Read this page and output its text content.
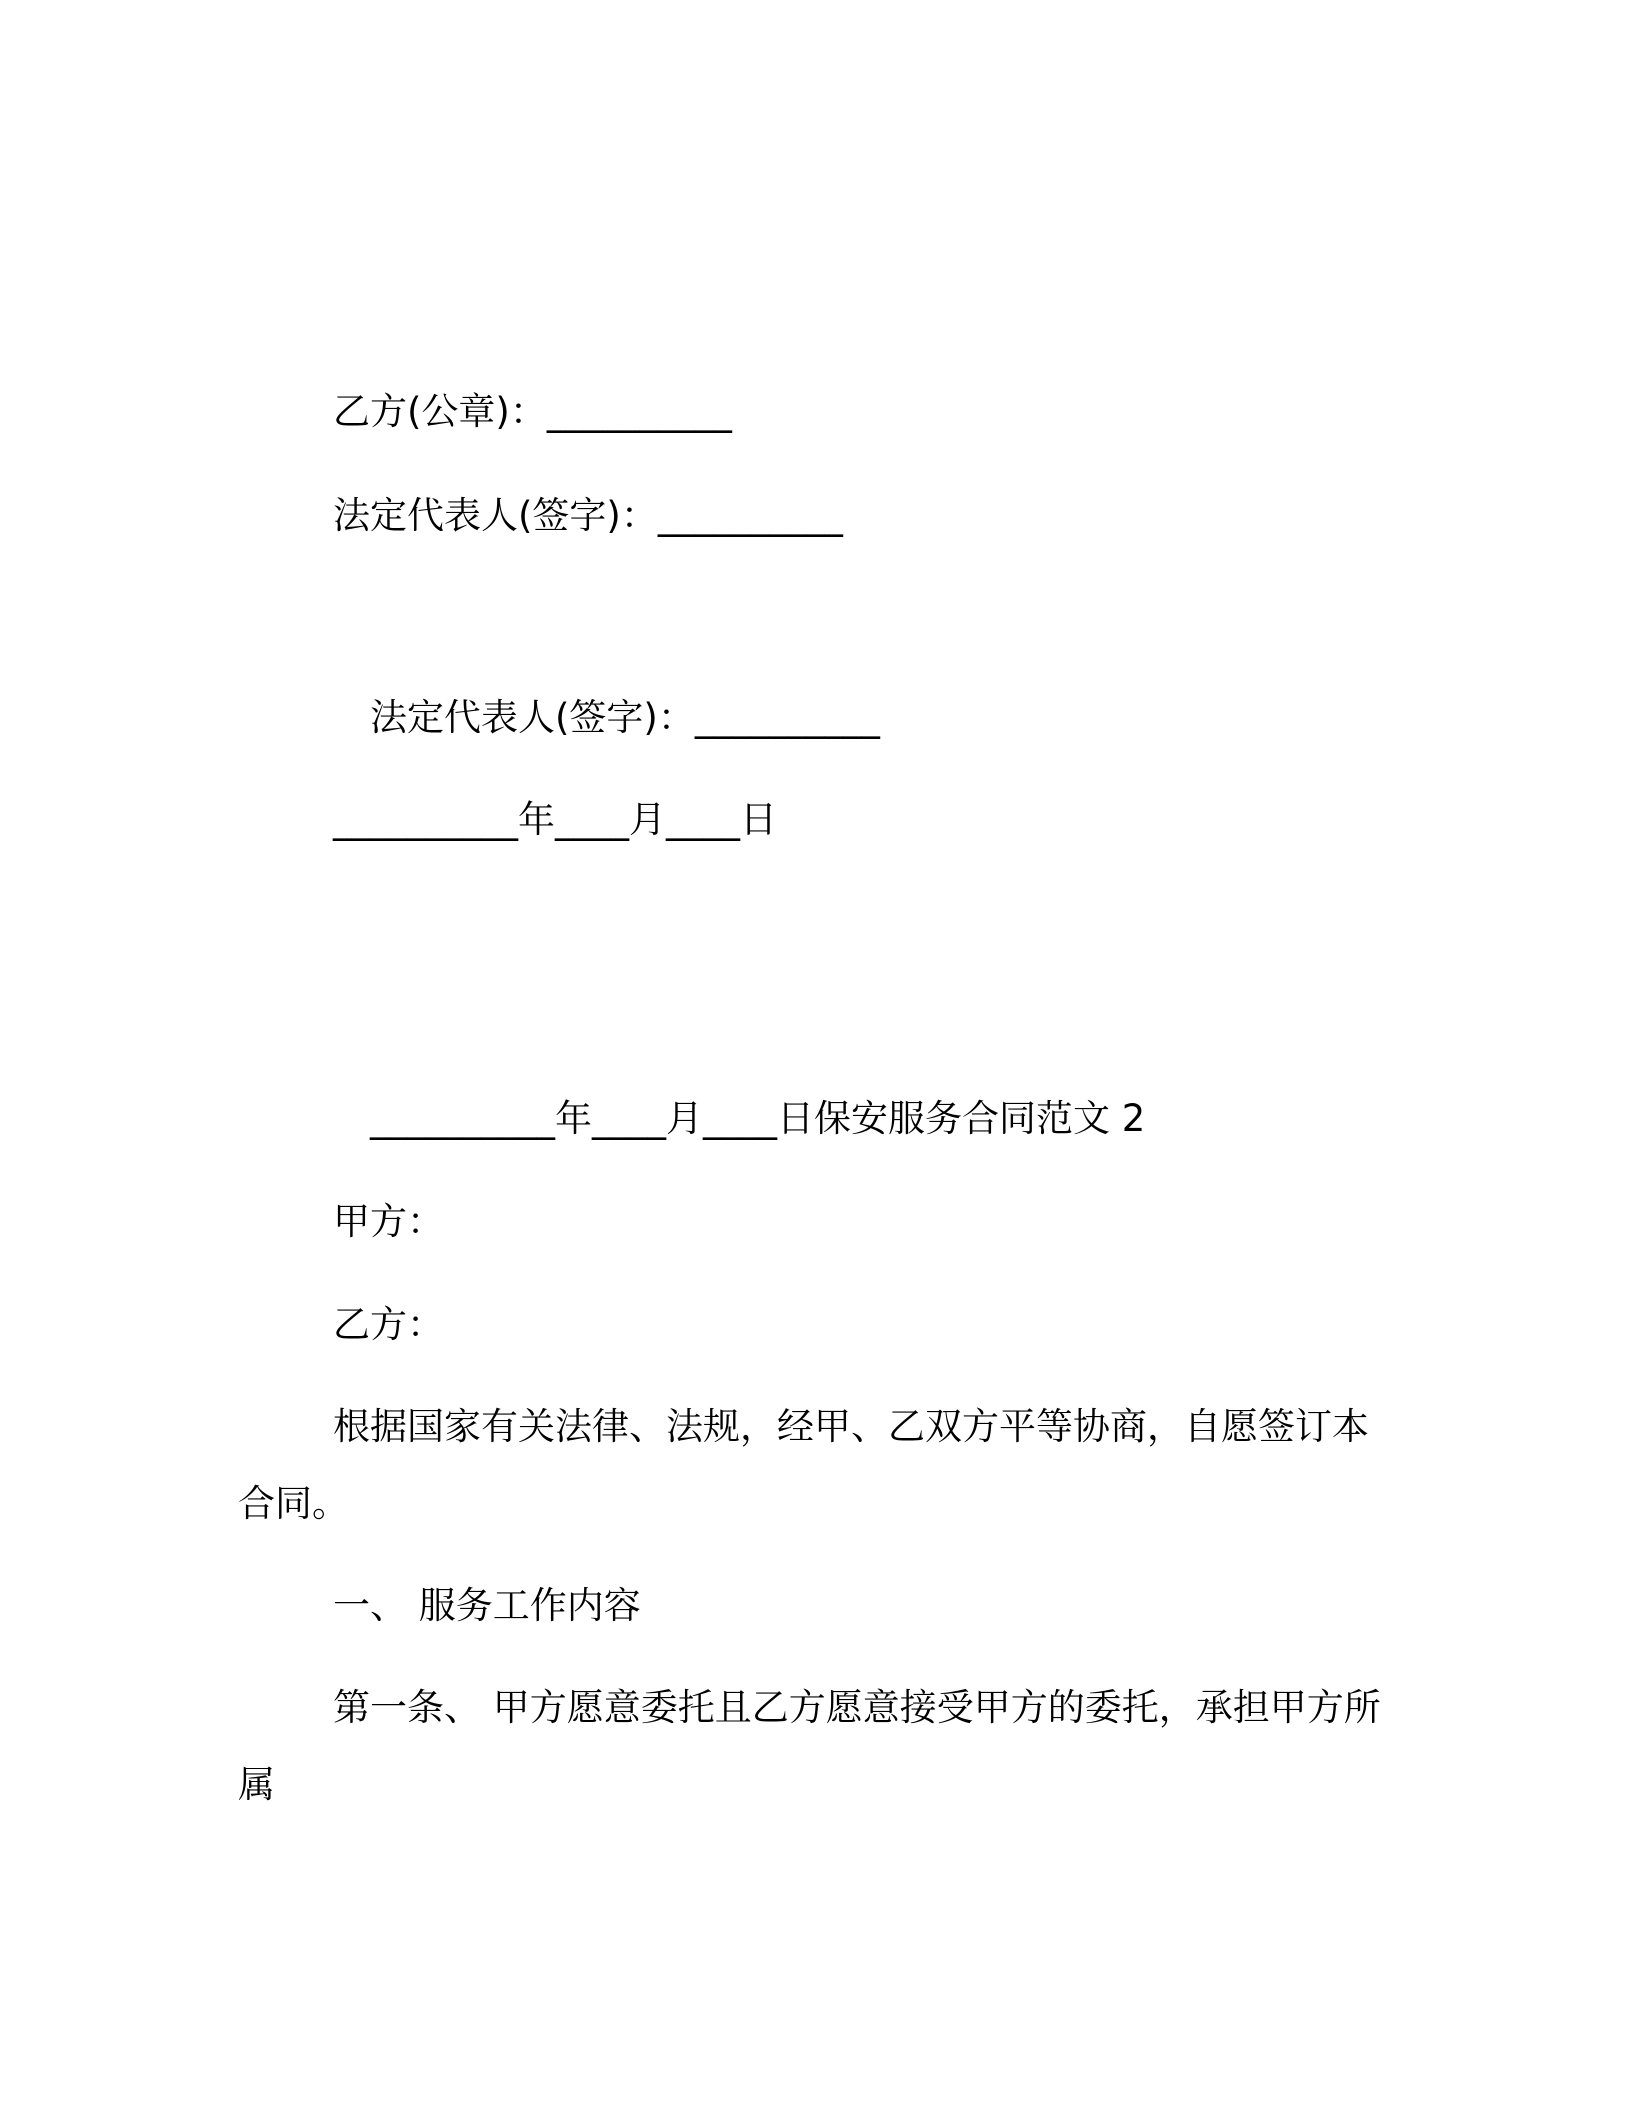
乙方(公章)：__________
法定代表人(签字)：__________
法定代表人(签字)：__________
__________年____月____日
__________年____月____日保安服务合同范文 2
甲方：
乙方：
根据国家有关法律、法规，经甲、乙双方平等协商，自愿签订本
合同。
一、 服务工作内容
第一条、 甲方愿意委托且乙方愿意接受甲方的委托，承担甲方所
属
